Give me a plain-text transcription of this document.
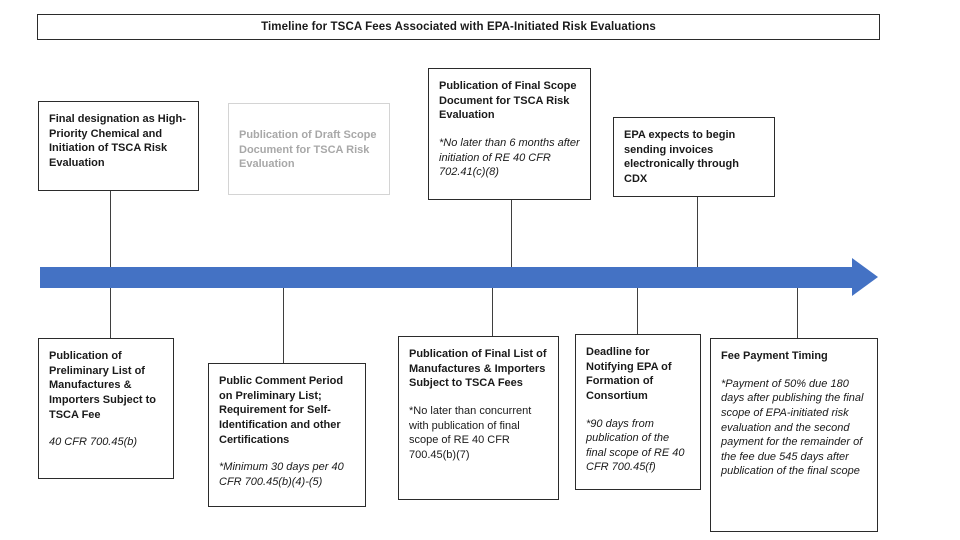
Timeline for TSCA Fees Associated with EPA-Initiated Risk Evaluations
Final designation as High-Priority Chemical and Initiation of TSCA Risk Evaluation
Publication of Draft Scope Document for TSCA Risk Evaluation
Publication of Final Scope Document for TSCA Risk Evaluation
*No later than 6 months after initiation of RE 40 CFR 702.41(c)(8)
EPA expects to begin sending invoices electronically through CDX
Publication of Preliminary List of Manufactures & Importers Subject to TSCA Fee
40 CFR 700.45(b)
Public Comment Period on Preliminary List; Requirement for Self-Identification and other Certifications
*Minimum 30 days per 40 CFR 700.45(b)(4)-(5)
Publication of Final List of Manufactures & Importers Subject to TSCA Fees
*No later than concurrent with publication of final scope of RE 40 CFR 700.45(b)(7)
Deadline for Notifying EPA of Formation of Consortium
*90 days from publication of the final scope of RE 40 CFR 700.45(f)
Fee Payment Timing
*Payment of 50% due 180 days after publishing the final scope of EPA-initiated risk evaluation and the second payment for the remainder of the fee due 545 days after publication of the final scope
